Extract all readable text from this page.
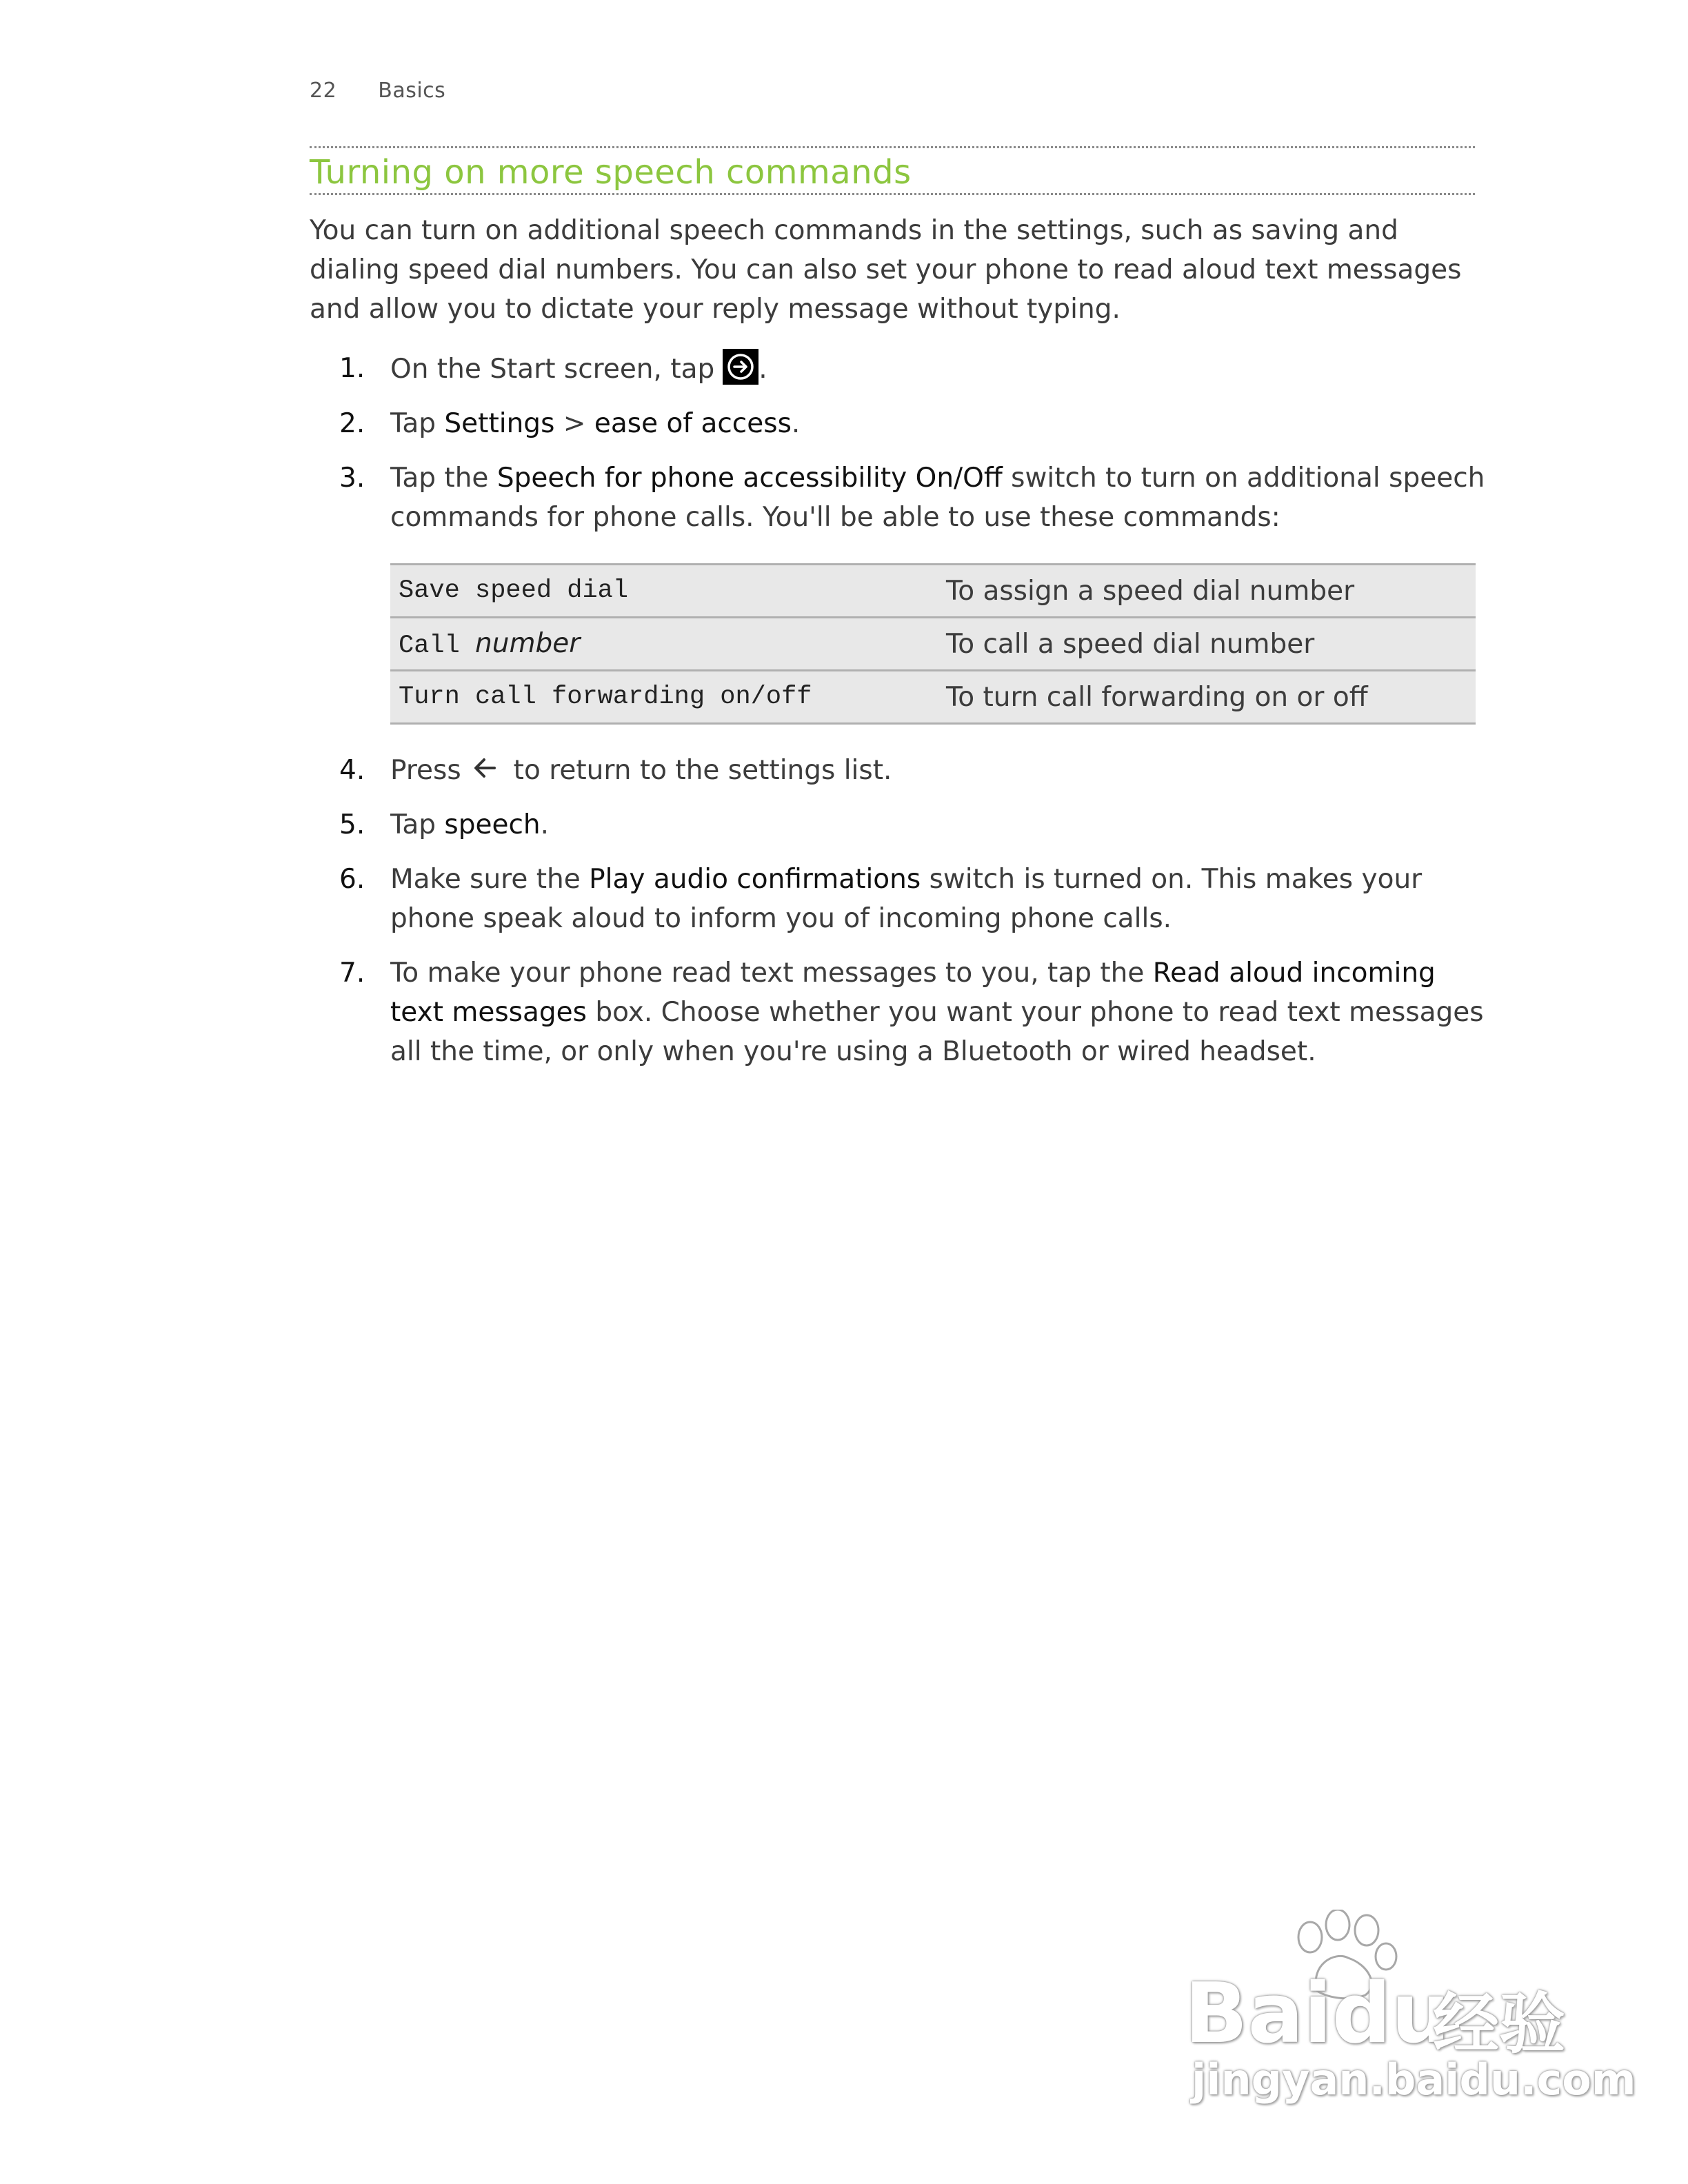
22 Basics
Turning on more speech commands

You can turn on additional speech commands in the settings, such as saving and dialing speed dial numbers. You can also set your phone to read aloud text messages and allow you to dictate your reply message without typing.

1. On the Start screen, tap .
2. Tap Settings > ease of access.
3. Tap the Speech for phone accessibility On/Off switch to turn on additional speech commands for phone calls. You'll be able to use these commands:
Save speed dial	To assign a speed dial number
Call number	To call a speed dial number
Turn call forwarding on/off	To turn call forwarding on or off
4. Press to return to the settings list.
5. Tap speech.
6. Make sure the Play audio confirmations switch is turned on. This makes your phone speak aloud to inform you of incoming phone calls.
7. To make your phone read text messages to you, tap the Read aloud incoming text messages box. Choose whether you want your phone to read text messages all the time, or only when you're using a Bluetooth or wired headset.
Baidu
经验
jingyan.baidu.com
